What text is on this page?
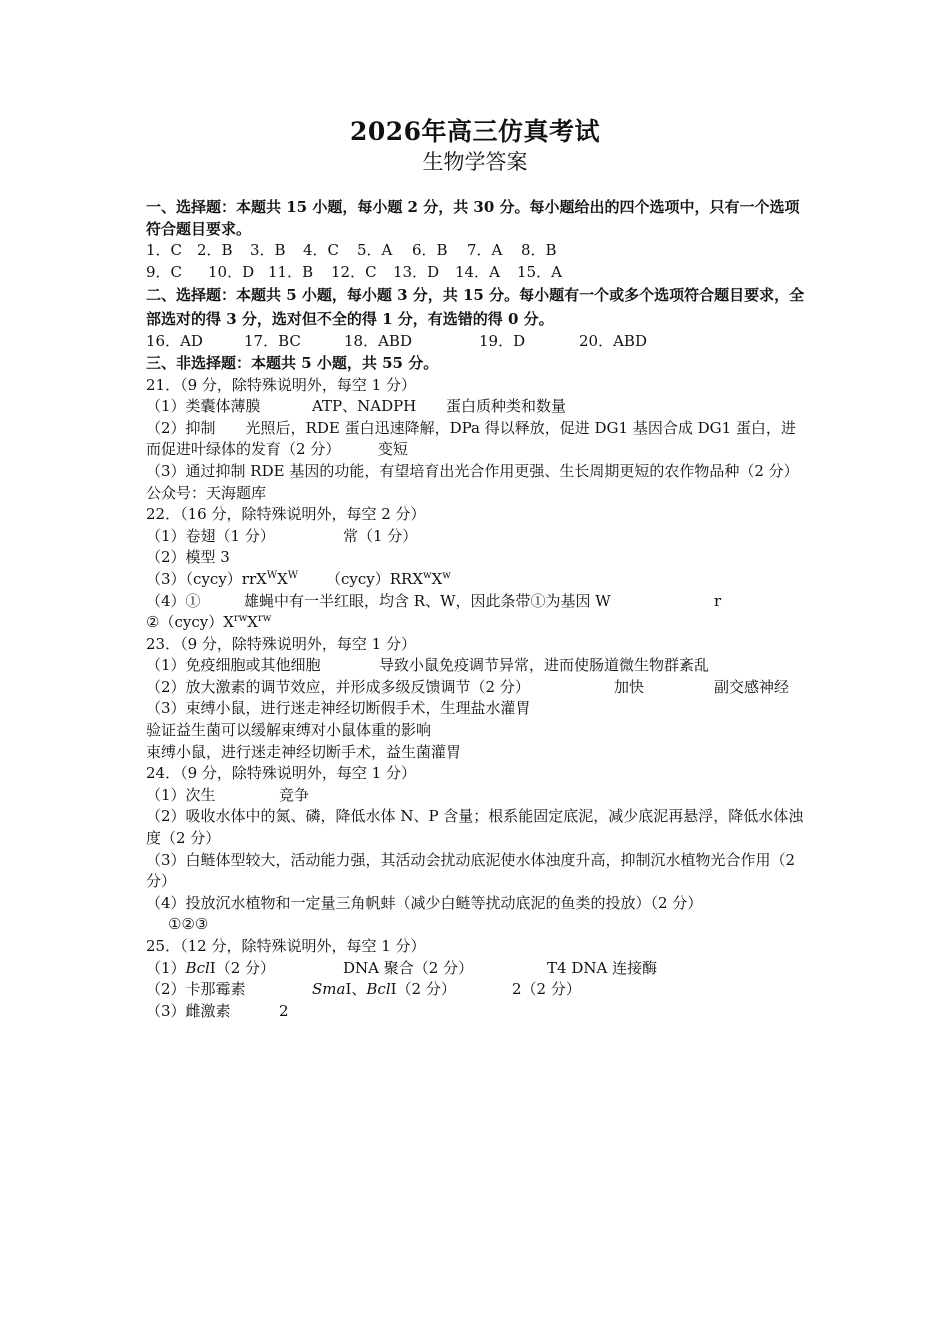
2026年高三仿真考试
生物学答案
一、选择题：本题共 15 小题，每小题 2 分，共 30 分。每小题给出的四个选项中，只有一个选项符合题目要求。
1．C 2．B	3．B	4．C	5．A	6．B	7．A	8．B
9．C	10．D 11．B	12．C	13．D	14．A	15．A
二、选择题：本题共 5 小题，每小题 3 分，共 15 分。每小题有一个或多个选项符合题目要求，全部选对的得 3 分，选对但不全的得 1 分，有选错的得 0 分。
16．AD	17．BC	18．ABD	19．D	20．ABD
三、非选择题：本题共 5 小题，共 55 分。
21．（9 分，除特殊说明外，每空 1 分）
（1）类囊体薄膜	ATP、NADPH	蛋白质种类和数量
（2）抑制　　光照后，RDE 蛋白迅速降解，DPa 得以释放，促进 DG1 基因合成 DG1 蛋白，进而促进叶绿体的发育（2 分）　　　变短
（3）通过抑制 RDE 基因的功能，有望培育出光合作用更强、生长周期更短的农作物品种（2 分）公众号：天海题库
22．（16 分，除特殊说明外，每空 2 分）
（1）卷翅（1 分）	常（1 分）
（2）模型 3
$(3)(cycy)rrX^WX^W$	$(cycy)RRX^wX^w$
（4）①	雄蝇中有一半红眼，均含 R、W，因此条带①为基因 W	r
$②(cycy)X^{rw}X^{rw}$
23．（9 分，除特殊说明外，每空 1 分）
（1）免疫细胞或其他细胞	导致小鼠免疫调节异常，进而使肠道微生物群紊乱
（2）放大激素的调节效应，并形成多级反馈调节（2 分）	加快	副交感神经
（3）束缚小鼠，进行迷走神经切断假手术，生理盐水灌胃
验证益生菌可以缓解束缚对小鼠体重的影响
束缚小鼠，进行迷走神经切断手术，益生菌灌胃
24．（9 分，除特殊说明外，每空 1 分）
（1）次生	竞争
（2）吸收水体中的氮、磷，降低水体 N、P 含量；根系能固定底泥，减少底泥再悬浮，降低水体浊度（2 分）
（3）白鲢体型较大，活动能力强，其活动会扰动底泥使水体浊度升高，抑制沉水植物光合作用（2 分）
（4）投放沉水植物和一定量三角帆蚌（减少白鲢等扰动底泥的鱼类的投放）（2 分）
①②③
25．（12 分，除特殊说明外，每空 1 分）
（1）BclI（2 分）	DNA 聚合（2 分）	T4 DNA 连接酶
（2）卡那霉素	SmaI、BclI（2 分）	2（2 分）
（3）雌激素	2
